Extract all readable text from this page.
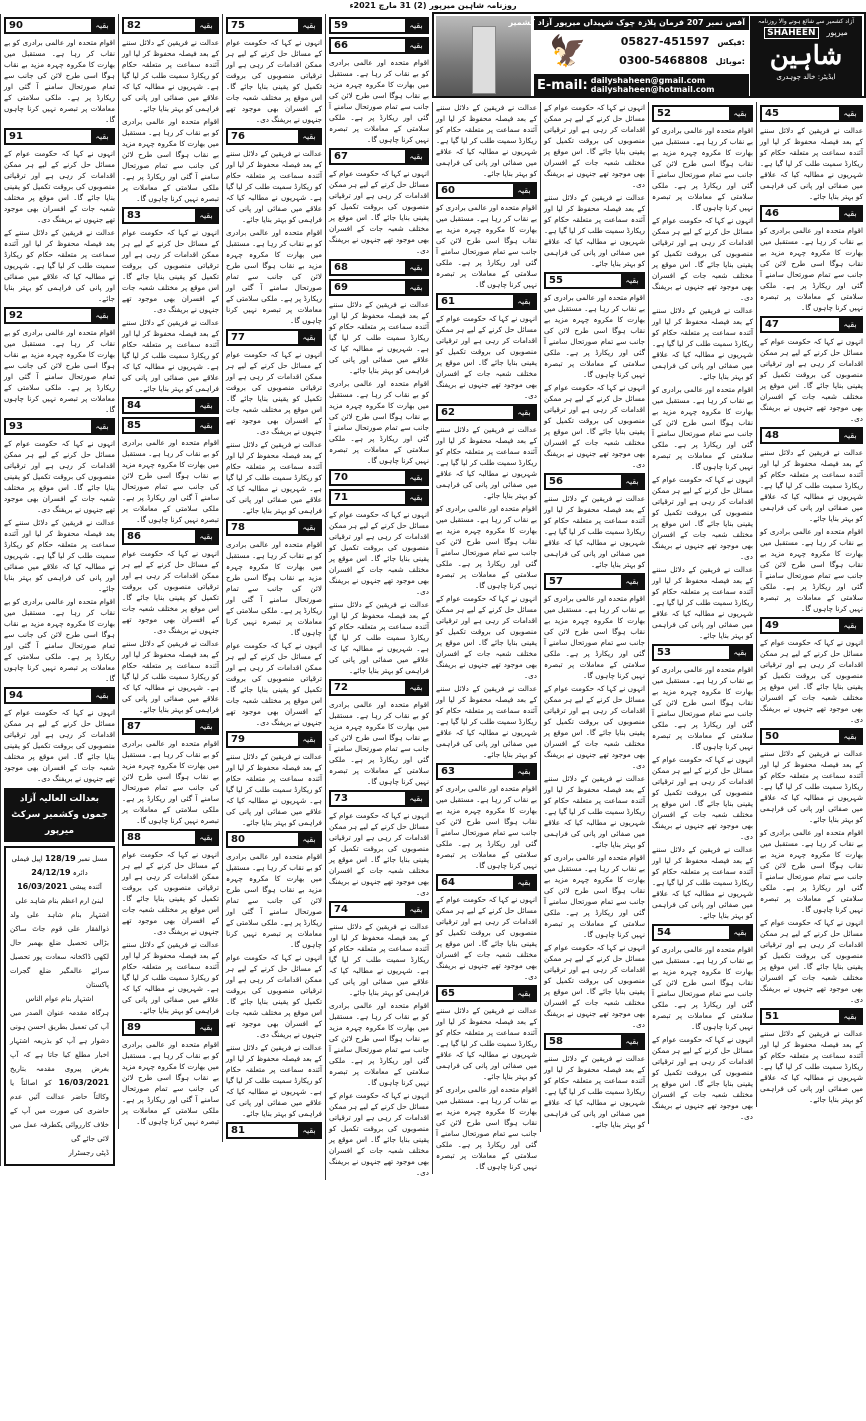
روزنامہ شاہین میرپور (2) 31 مارچ 2021ء
آفس نمبر 207 فرمان پلازہ چوک شہیداں میرپور آزاد کشمیر
🦅	05827-451597 فیکس:
0300-5468808 موبائل:
E-mail: dailyshaheen@gmail.com
dailyshaheen@hotmail.com
آزاد کشمیر سے شائع ہونے والا روزنامہ
SHAHEEN	میرپور
شاہین
ایڈیٹر: خالد چوہدری
90	بقیہ

اقوام متحدہ اور عالمی برادری کو بے نقاب کر رہا ہے۔ مستقبل میں بھارت کا مکروہ چہرہ مزید بے نقاب ہوگا اسی طرح لائن کی جانب سے تمام صورتحال سامنے آ گئی اور ریکارڈ پر ہے۔ ملکی سلامتی کے معاملات پر تبصرہ نہیں کرنا چاہوں گا۔

91	بقیہ

انہوں نے کہا کہ حکومت عوام کے مسائل حل کرنے کے لیے ہر ممکن اقدامات کر رہی ہے اور ترقیاتی منصوبوں کی بروقت تکمیل کو یقینی بنایا جائے گا۔ اس موقع پر مختلف شعبہ جات کے افسران بھی موجود تھے جنہوں نے بریفنگ دی۔

عدالت نے فریقین کے دلائل سننے کے بعد فیصلہ محفوظ کر لیا اور آئندہ سماعت پر متعلقہ حکام کو ریکارڈ سمیت طلب کر لیا گیا ہے۔ شہریوں نے مطالبہ کیا کہ علاقے میں صفائی اور پانی کی فراہمی کو بہتر بنایا جائے۔

92	بقیہ

اقوام متحدہ اور عالمی برادری کو بے نقاب کر رہا ہے۔ مستقبل میں بھارت کا مکروہ چہرہ مزید بے نقاب ہوگا اسی طرح لائن کی جانب سے تمام صورتحال سامنے آ گئی اور ریکارڈ پر ہے۔ ملکی سلامتی کے معاملات پر تبصرہ نہیں کرنا چاہوں گا۔

93	بقیہ

انہوں نے کہا کہ حکومت عوام کے مسائل حل کرنے کے لیے ہر ممکن اقدامات کر رہی ہے اور ترقیاتی منصوبوں کی بروقت تکمیل کو یقینی بنایا جائے گا۔ اس موقع پر مختلف شعبہ جات کے افسران بھی موجود تھے جنہوں نے بریفنگ دی۔

عدالت نے فریقین کے دلائل سننے کے بعد فیصلہ محفوظ کر لیا اور آئندہ سماعت پر متعلقہ حکام کو ریکارڈ سمیت طلب کر لیا گیا ہے۔ شہریوں نے مطالبہ کیا کہ علاقے میں صفائی اور پانی کی فراہمی کو بہتر بنایا جائے۔

اقوام متحدہ اور عالمی برادری کو بے نقاب کر رہا ہے۔ مستقبل میں بھارت کا مکروہ چہرہ مزید بے نقاب ہوگا اسی طرح لائن کی جانب سے تمام صورتحال سامنے آ گئی اور ریکارڈ پر ہے۔ ملکی سلامتی کے معاملات پر تبصرہ نہیں کرنا چاہوں گا۔

94	بقیہ

انہوں نے کہا کہ حکومت عوام کے مسائل حل کرنے کے لیے ہر ممکن اقدامات کر رہی ہے اور ترقیاتی منصوبوں کی بروقت تکمیل کو یقینی بنایا جائے گا۔ اس موقع پر مختلف شعبہ جات کے افسران بھی موجود تھے جنہوں نے بریفنگ دی۔

بعدالت العالیہ آزاد جموں وکشمیر سرکٹ میرپور
مسل نمبر 128/19 اپیل فیملی
دائرہ 24/12/19
آئندہ پیشی 16/03/2021
لبنیٰ ارم اعظم بنام شاہد علی
اشتہار بنام شاہد علی ولد ذوالفقار علی قوم جاٹ ساکن بڑالی تحصیل ضلع بھمبر حال لکھی ڈاکخانہ سعادت پور تحصیل سرائے عالمگیر ضلع گجرات پاکستان
اشتہار بنام عوام الناس
ہرگاہ مقدمہ عنوان الصدر میں آپ کی تعمیل بطریق احسن ہونی دشوار ہے آپ کو بذریعہ اشتہار اخبار مطلع کیا جاتا ہے کہ آپ بغرض پیروی مقدمہ بتاریخ 16/03/2021 کو اصالتاً یا وکالتاً حاضر عدالت آئیں عدم حاضری کی صورت میں آپ کے خلاف کارروائی یکطرفہ عمل میں لائی جائے گی
ڈپٹی رجسٹرار
82	بقیہ

عدالت نے فریقین کے دلائل سننے کے بعد فیصلہ محفوظ کر لیا اور آئندہ سماعت پر متعلقہ حکام کو ریکارڈ سمیت طلب کر لیا گیا ہے۔ شہریوں نے مطالبہ کیا کہ علاقے میں صفائی اور پانی کی فراہمی کو بہتر بنایا جائے۔

اقوام متحدہ اور عالمی برادری کو بے نقاب کر رہا ہے۔ مستقبل میں بھارت کا مکروہ چہرہ مزید بے نقاب ہوگا اسی طرح لائن کی جانب سے تمام صورتحال سامنے آ گئی اور ریکارڈ پر ہے۔ ملکی سلامتی کے معاملات پر تبصرہ نہیں کرنا چاہوں گا۔

83	بقیہ

انہوں نے کہا کہ حکومت عوام کے مسائل حل کرنے کے لیے ہر ممکن اقدامات کر رہی ہے اور ترقیاتی منصوبوں کی بروقت تکمیل کو یقینی بنایا جائے گا۔ اس موقع پر مختلف شعبہ جات کے افسران بھی موجود تھے جنہوں نے بریفنگ دی۔

عدالت نے فریقین کے دلائل سننے کے بعد فیصلہ محفوظ کر لیا اور آئندہ سماعت پر متعلقہ حکام کو ریکارڈ سمیت طلب کر لیا گیا ہے۔ شہریوں نے مطالبہ کیا کہ علاقے میں صفائی اور پانی کی فراہمی کو بہتر بنایا جائے۔

84	بقیہ
85	بقیہ

اقوام متحدہ اور عالمی برادری کو بے نقاب کر رہا ہے۔ مستقبل میں بھارت کا مکروہ چہرہ مزید بے نقاب ہوگا اسی طرح لائن کی جانب سے تمام صورتحال سامنے آ گئی اور ریکارڈ پر ہے۔ ملکی سلامتی کے معاملات پر تبصرہ نہیں کرنا چاہوں گا۔

86	بقیہ

انہوں نے کہا کہ حکومت عوام کے مسائل حل کرنے کے لیے ہر ممکن اقدامات کر رہی ہے اور ترقیاتی منصوبوں کی بروقت تکمیل کو یقینی بنایا جائے گا۔ اس موقع پر مختلف شعبہ جات کے افسران بھی موجود تھے جنہوں نے بریفنگ دی۔

عدالت نے فریقین کے دلائل سننے کے بعد فیصلہ محفوظ کر لیا اور آئندہ سماعت پر متعلقہ حکام کو ریکارڈ سمیت طلب کر لیا گیا ہے۔ شہریوں نے مطالبہ کیا کہ علاقے میں صفائی اور پانی کی فراہمی کو بہتر بنایا جائے۔

87	بقیہ

اقوام متحدہ اور عالمی برادری کو بے نقاب کر رہا ہے۔ مستقبل میں بھارت کا مکروہ چہرہ مزید بے نقاب ہوگا اسی طرح لائن کی جانب سے تمام صورتحال سامنے آ گئی اور ریکارڈ پر ہے۔ ملکی سلامتی کے معاملات پر تبصرہ نہیں کرنا چاہوں گا۔

88	بقیہ

انہوں نے کہا کہ حکومت عوام کے مسائل حل کرنے کے لیے ہر ممکن اقدامات کر رہی ہے اور ترقیاتی منصوبوں کی بروقت تکمیل کو یقینی بنایا جائے گا۔ اس موقع پر مختلف شعبہ جات کے افسران بھی موجود تھے جنہوں نے بریفنگ دی۔

عدالت نے فریقین کے دلائل سننے کے بعد فیصلہ محفوظ کر لیا اور آئندہ سماعت پر متعلقہ حکام کو ریکارڈ سمیت طلب کر لیا گیا ہے۔ شہریوں نے مطالبہ کیا کہ علاقے میں صفائی اور پانی کی فراہمی کو بہتر بنایا جائے۔

89	بقیہ

اقوام متحدہ اور عالمی برادری کو بے نقاب کر رہا ہے۔ مستقبل میں بھارت کا مکروہ چہرہ مزید بے نقاب ہوگا اسی طرح لائن کی جانب سے تمام صورتحال سامنے آ گئی اور ریکارڈ پر ہے۔ ملکی سلامتی کے معاملات پر تبصرہ نہیں کرنا چاہوں گا۔

75	بقیہ

انہوں نے کہا کہ حکومت عوام کے مسائل حل کرنے کے لیے ہر ممکن اقدامات کر رہی ہے اور ترقیاتی منصوبوں کی بروقت تکمیل کو یقینی بنایا جائے گا۔ اس موقع پر مختلف شعبہ جات کے افسران بھی موجود تھے جنہوں نے بریفنگ دی۔

76	بقیہ

عدالت نے فریقین کے دلائل سننے کے بعد فیصلہ محفوظ کر لیا اور آئندہ سماعت پر متعلقہ حکام کو ریکارڈ سمیت طلب کر لیا گیا ہے۔ شہریوں نے مطالبہ کیا کہ علاقے میں صفائی اور پانی کی فراہمی کو بہتر بنایا جائے۔

اقوام متحدہ اور عالمی برادری کو بے نقاب کر رہا ہے۔ مستقبل میں بھارت کا مکروہ چہرہ مزید بے نقاب ہوگا اسی طرح لائن کی جانب سے تمام صورتحال سامنے آ گئی اور ریکارڈ پر ہے۔ ملکی سلامتی کے معاملات پر تبصرہ نہیں کرنا چاہوں گا۔

77	بقیہ

انہوں نے کہا کہ حکومت عوام کے مسائل حل کرنے کے لیے ہر ممکن اقدامات کر رہی ہے اور ترقیاتی منصوبوں کی بروقت تکمیل کو یقینی بنایا جائے گا۔ اس موقع پر مختلف شعبہ جات کے افسران بھی موجود تھے جنہوں نے بریفنگ دی۔

عدالت نے فریقین کے دلائل سننے کے بعد فیصلہ محفوظ کر لیا اور آئندہ سماعت پر متعلقہ حکام کو ریکارڈ سمیت طلب کر لیا گیا ہے۔ شہریوں نے مطالبہ کیا کہ علاقے میں صفائی اور پانی کی فراہمی کو بہتر بنایا جائے۔

78	بقیہ

اقوام متحدہ اور عالمی برادری کو بے نقاب کر رہا ہے۔ مستقبل میں بھارت کا مکروہ چہرہ مزید بے نقاب ہوگا اسی طرح لائن کی جانب سے تمام صورتحال سامنے آ گئی اور ریکارڈ پر ہے۔ ملکی سلامتی کے معاملات پر تبصرہ نہیں کرنا چاہوں گا۔

انہوں نے کہا کہ حکومت عوام کے مسائل حل کرنے کے لیے ہر ممکن اقدامات کر رہی ہے اور ترقیاتی منصوبوں کی بروقت تکمیل کو یقینی بنایا جائے گا۔ اس موقع پر مختلف شعبہ جات کے افسران بھی موجود تھے جنہوں نے بریفنگ دی۔

79	بقیہ

عدالت نے فریقین کے دلائل سننے کے بعد فیصلہ محفوظ کر لیا اور آئندہ سماعت پر متعلقہ حکام کو ریکارڈ سمیت طلب کر لیا گیا ہے۔ شہریوں نے مطالبہ کیا کہ علاقے میں صفائی اور پانی کی فراہمی کو بہتر بنایا جائے۔

80	بقیہ

اقوام متحدہ اور عالمی برادری کو بے نقاب کر رہا ہے۔ مستقبل میں بھارت کا مکروہ چہرہ مزید بے نقاب ہوگا اسی طرح لائن کی جانب سے تمام صورتحال سامنے آ گئی اور ریکارڈ پر ہے۔ ملکی سلامتی کے معاملات پر تبصرہ نہیں کرنا چاہوں گا۔

انہوں نے کہا کہ حکومت عوام کے مسائل حل کرنے کے لیے ہر ممکن اقدامات کر رہی ہے اور ترقیاتی منصوبوں کی بروقت تکمیل کو یقینی بنایا جائے گا۔ اس موقع پر مختلف شعبہ جات کے افسران بھی موجود تھے جنہوں نے بریفنگ دی۔

عدالت نے فریقین کے دلائل سننے کے بعد فیصلہ محفوظ کر لیا اور آئندہ سماعت پر متعلقہ حکام کو ریکارڈ سمیت طلب کر لیا گیا ہے۔ شہریوں نے مطالبہ کیا کہ علاقے میں صفائی اور پانی کی فراہمی کو بہتر بنایا جائے۔

81	بقیہ
59	بقیہ
66	بقیہ

اقوام متحدہ اور عالمی برادری کو بے نقاب کر رہا ہے۔ مستقبل میں بھارت کا مکروہ چہرہ مزید بے نقاب ہوگا اسی طرح لائن کی جانب سے تمام صورتحال سامنے آ گئی اور ریکارڈ پر ہے۔ ملکی سلامتی کے معاملات پر تبصرہ نہیں کرنا چاہوں گا۔

67	بقیہ

انہوں نے کہا کہ حکومت عوام کے مسائل حل کرنے کے لیے ہر ممکن اقدامات کر رہی ہے اور ترقیاتی منصوبوں کی بروقت تکمیل کو یقینی بنایا جائے گا۔ اس موقع پر مختلف شعبہ جات کے افسران بھی موجود تھے جنہوں نے بریفنگ دی۔

68	بقیہ
69	بقیہ

عدالت نے فریقین کے دلائل سننے کے بعد فیصلہ محفوظ کر لیا اور آئندہ سماعت پر متعلقہ حکام کو ریکارڈ سمیت طلب کر لیا گیا ہے۔ شہریوں نے مطالبہ کیا کہ علاقے میں صفائی اور پانی کی فراہمی کو بہتر بنایا جائے۔

اقوام متحدہ اور عالمی برادری کو بے نقاب کر رہا ہے۔ مستقبل میں بھارت کا مکروہ چہرہ مزید بے نقاب ہوگا اسی طرح لائن کی جانب سے تمام صورتحال سامنے آ گئی اور ریکارڈ پر ہے۔ ملکی سلامتی کے معاملات پر تبصرہ نہیں کرنا چاہوں گا۔

70	بقیہ
71	بقیہ

انہوں نے کہا کہ حکومت عوام کے مسائل حل کرنے کے لیے ہر ممکن اقدامات کر رہی ہے اور ترقیاتی منصوبوں کی بروقت تکمیل کو یقینی بنایا جائے گا۔ اس موقع پر مختلف شعبہ جات کے افسران بھی موجود تھے جنہوں نے بریفنگ دی۔

عدالت نے فریقین کے دلائل سننے کے بعد فیصلہ محفوظ کر لیا اور آئندہ سماعت پر متعلقہ حکام کو ریکارڈ سمیت طلب کر لیا گیا ہے۔ شہریوں نے مطالبہ کیا کہ علاقے میں صفائی اور پانی کی فراہمی کو بہتر بنایا جائے۔

72	بقیہ

اقوام متحدہ اور عالمی برادری کو بے نقاب کر رہا ہے۔ مستقبل میں بھارت کا مکروہ چہرہ مزید بے نقاب ہوگا اسی طرح لائن کی جانب سے تمام صورتحال سامنے آ گئی اور ریکارڈ پر ہے۔ ملکی سلامتی کے معاملات پر تبصرہ نہیں کرنا چاہوں گا۔

73	بقیہ

انہوں نے کہا کہ حکومت عوام کے مسائل حل کرنے کے لیے ہر ممکن اقدامات کر رہی ہے اور ترقیاتی منصوبوں کی بروقت تکمیل کو یقینی بنایا جائے گا۔ اس موقع پر مختلف شعبہ جات کے افسران بھی موجود تھے جنہوں نے بریفنگ دی۔

74	بقیہ

عدالت نے فریقین کے دلائل سننے کے بعد فیصلہ محفوظ کر لیا اور آئندہ سماعت پر متعلقہ حکام کو ریکارڈ سمیت طلب کر لیا گیا ہے۔ شہریوں نے مطالبہ کیا کہ علاقے میں صفائی اور پانی کی فراہمی کو بہتر بنایا جائے۔

اقوام متحدہ اور عالمی برادری کو بے نقاب کر رہا ہے۔ مستقبل میں بھارت کا مکروہ چہرہ مزید بے نقاب ہوگا اسی طرح لائن کی جانب سے تمام صورتحال سامنے آ گئی اور ریکارڈ پر ہے۔ ملکی سلامتی کے معاملات پر تبصرہ نہیں کرنا چاہوں گا۔

انہوں نے کہا کہ حکومت عوام کے مسائل حل کرنے کے لیے ہر ممکن اقدامات کر رہی ہے اور ترقیاتی منصوبوں کی بروقت تکمیل کو یقینی بنایا جائے گا۔ اس موقع پر مختلف شعبہ جات کے افسران بھی موجود تھے جنہوں نے بریفنگ دی۔

عدالت نے فریقین کے دلائل سننے کے بعد فیصلہ محفوظ کر لیا اور آئندہ سماعت پر متعلقہ حکام کو ریکارڈ سمیت طلب کر لیا گیا ہے۔ شہریوں نے مطالبہ کیا کہ علاقے میں صفائی اور پانی کی فراہمی کو بہتر بنایا جائے۔

60	بقیہ

اقوام متحدہ اور عالمی برادری کو بے نقاب کر رہا ہے۔ مستقبل میں بھارت کا مکروہ چہرہ مزید بے نقاب ہوگا اسی طرح لائن کی جانب سے تمام صورتحال سامنے آ گئی اور ریکارڈ پر ہے۔ ملکی سلامتی کے معاملات پر تبصرہ نہیں کرنا چاہوں گا۔

61	بقیہ

انہوں نے کہا کہ حکومت عوام کے مسائل حل کرنے کے لیے ہر ممکن اقدامات کر رہی ہے اور ترقیاتی منصوبوں کی بروقت تکمیل کو یقینی بنایا جائے گا۔ اس موقع پر مختلف شعبہ جات کے افسران بھی موجود تھے جنہوں نے بریفنگ دی۔

62	بقیہ

عدالت نے فریقین کے دلائل سننے کے بعد فیصلہ محفوظ کر لیا اور آئندہ سماعت پر متعلقہ حکام کو ریکارڈ سمیت طلب کر لیا گیا ہے۔ شہریوں نے مطالبہ کیا کہ علاقے میں صفائی اور پانی کی فراہمی کو بہتر بنایا جائے۔

اقوام متحدہ اور عالمی برادری کو بے نقاب کر رہا ہے۔ مستقبل میں بھارت کا مکروہ چہرہ مزید بے نقاب ہوگا اسی طرح لائن کی جانب سے تمام صورتحال سامنے آ گئی اور ریکارڈ پر ہے۔ ملکی سلامتی کے معاملات پر تبصرہ نہیں کرنا چاہوں گا۔

انہوں نے کہا کہ حکومت عوام کے مسائل حل کرنے کے لیے ہر ممکن اقدامات کر رہی ہے اور ترقیاتی منصوبوں کی بروقت تکمیل کو یقینی بنایا جائے گا۔ اس موقع پر مختلف شعبہ جات کے افسران بھی موجود تھے جنہوں نے بریفنگ دی۔

عدالت نے فریقین کے دلائل سننے کے بعد فیصلہ محفوظ کر لیا اور آئندہ سماعت پر متعلقہ حکام کو ریکارڈ سمیت طلب کر لیا گیا ہے۔ شہریوں نے مطالبہ کیا کہ علاقے میں صفائی اور پانی کی فراہمی کو بہتر بنایا جائے۔

63	بقیہ

اقوام متحدہ اور عالمی برادری کو بے نقاب کر رہا ہے۔ مستقبل میں بھارت کا مکروہ چہرہ مزید بے نقاب ہوگا اسی طرح لائن کی جانب سے تمام صورتحال سامنے آ گئی اور ریکارڈ پر ہے۔ ملکی سلامتی کے معاملات پر تبصرہ نہیں کرنا چاہوں گا۔

64	بقیہ

انہوں نے کہا کہ حکومت عوام کے مسائل حل کرنے کے لیے ہر ممکن اقدامات کر رہی ہے اور ترقیاتی منصوبوں کی بروقت تکمیل کو یقینی بنایا جائے گا۔ اس موقع پر مختلف شعبہ جات کے افسران بھی موجود تھے جنہوں نے بریفنگ دی۔

65	بقیہ

عدالت نے فریقین کے دلائل سننے کے بعد فیصلہ محفوظ کر لیا اور آئندہ سماعت پر متعلقہ حکام کو ریکارڈ سمیت طلب کر لیا گیا ہے۔ شہریوں نے مطالبہ کیا کہ علاقے میں صفائی اور پانی کی فراہمی کو بہتر بنایا جائے۔

اقوام متحدہ اور عالمی برادری کو بے نقاب کر رہا ہے۔ مستقبل میں بھارت کا مکروہ چہرہ مزید بے نقاب ہوگا اسی طرح لائن کی جانب سے تمام صورتحال سامنے آ گئی اور ریکارڈ پر ہے۔ ملکی سلامتی کے معاملات پر تبصرہ نہیں کرنا چاہوں گا۔

انہوں نے کہا کہ حکومت عوام کے مسائل حل کرنے کے لیے ہر ممکن اقدامات کر رہی ہے اور ترقیاتی منصوبوں کی بروقت تکمیل کو یقینی بنایا جائے گا۔ اس موقع پر مختلف شعبہ جات کے افسران بھی موجود تھے جنہوں نے بریفنگ دی۔

عدالت نے فریقین کے دلائل سننے کے بعد فیصلہ محفوظ کر لیا اور آئندہ سماعت پر متعلقہ حکام کو ریکارڈ سمیت طلب کر لیا گیا ہے۔ شہریوں نے مطالبہ کیا کہ علاقے میں صفائی اور پانی کی فراہمی کو بہتر بنایا جائے۔

55	بقیہ

اقوام متحدہ اور عالمی برادری کو بے نقاب کر رہا ہے۔ مستقبل میں بھارت کا مکروہ چہرہ مزید بے نقاب ہوگا اسی طرح لائن کی جانب سے تمام صورتحال سامنے آ گئی اور ریکارڈ پر ہے۔ ملکی سلامتی کے معاملات پر تبصرہ نہیں کرنا چاہوں گا۔

انہوں نے کہا کہ حکومت عوام کے مسائل حل کرنے کے لیے ہر ممکن اقدامات کر رہی ہے اور ترقیاتی منصوبوں کی بروقت تکمیل کو یقینی بنایا جائے گا۔ اس موقع پر مختلف شعبہ جات کے افسران بھی موجود تھے جنہوں نے بریفنگ دی۔

56	بقیہ

عدالت نے فریقین کے دلائل سننے کے بعد فیصلہ محفوظ کر لیا اور آئندہ سماعت پر متعلقہ حکام کو ریکارڈ سمیت طلب کر لیا گیا ہے۔ شہریوں نے مطالبہ کیا کہ علاقے میں صفائی اور پانی کی فراہمی کو بہتر بنایا جائے۔

57	بقیہ

اقوام متحدہ اور عالمی برادری کو بے نقاب کر رہا ہے۔ مستقبل میں بھارت کا مکروہ چہرہ مزید بے نقاب ہوگا اسی طرح لائن کی جانب سے تمام صورتحال سامنے آ گئی اور ریکارڈ پر ہے۔ ملکی سلامتی کے معاملات پر تبصرہ نہیں کرنا چاہوں گا۔

انہوں نے کہا کہ حکومت عوام کے مسائل حل کرنے کے لیے ہر ممکن اقدامات کر رہی ہے اور ترقیاتی منصوبوں کی بروقت تکمیل کو یقینی بنایا جائے گا۔ اس موقع پر مختلف شعبہ جات کے افسران بھی موجود تھے جنہوں نے بریفنگ دی۔

عدالت نے فریقین کے دلائل سننے کے بعد فیصلہ محفوظ کر لیا اور آئندہ سماعت پر متعلقہ حکام کو ریکارڈ سمیت طلب کر لیا گیا ہے۔ شہریوں نے مطالبہ کیا کہ علاقے میں صفائی اور پانی کی فراہمی کو بہتر بنایا جائے۔

اقوام متحدہ اور عالمی برادری کو بے نقاب کر رہا ہے۔ مستقبل میں بھارت کا مکروہ چہرہ مزید بے نقاب ہوگا اسی طرح لائن کی جانب سے تمام صورتحال سامنے آ گئی اور ریکارڈ پر ہے۔ ملکی سلامتی کے معاملات پر تبصرہ نہیں کرنا چاہوں گا۔

انہوں نے کہا کہ حکومت عوام کے مسائل حل کرنے کے لیے ہر ممکن اقدامات کر رہی ہے اور ترقیاتی منصوبوں کی بروقت تکمیل کو یقینی بنایا جائے گا۔ اس موقع پر مختلف شعبہ جات کے افسران بھی موجود تھے جنہوں نے بریفنگ دی۔

58	بقیہ

عدالت نے فریقین کے دلائل سننے کے بعد فیصلہ محفوظ کر لیا اور آئندہ سماعت پر متعلقہ حکام کو ریکارڈ سمیت طلب کر لیا گیا ہے۔ شہریوں نے مطالبہ کیا کہ علاقے میں صفائی اور پانی کی فراہمی کو بہتر بنایا جائے۔

52	بقیہ

اقوام متحدہ اور عالمی برادری کو بے نقاب کر رہا ہے۔ مستقبل میں بھارت کا مکروہ چہرہ مزید بے نقاب ہوگا اسی طرح لائن کی جانب سے تمام صورتحال سامنے آ گئی اور ریکارڈ پر ہے۔ ملکی سلامتی کے معاملات پر تبصرہ نہیں کرنا چاہوں گا۔

انہوں نے کہا کہ حکومت عوام کے مسائل حل کرنے کے لیے ہر ممکن اقدامات کر رہی ہے اور ترقیاتی منصوبوں کی بروقت تکمیل کو یقینی بنایا جائے گا۔ اس موقع پر مختلف شعبہ جات کے افسران بھی موجود تھے جنہوں نے بریفنگ دی۔

عدالت نے فریقین کے دلائل سننے کے بعد فیصلہ محفوظ کر لیا اور آئندہ سماعت پر متعلقہ حکام کو ریکارڈ سمیت طلب کر لیا گیا ہے۔ شہریوں نے مطالبہ کیا کہ علاقے میں صفائی اور پانی کی فراہمی کو بہتر بنایا جائے۔

اقوام متحدہ اور عالمی برادری کو بے نقاب کر رہا ہے۔ مستقبل میں بھارت کا مکروہ چہرہ مزید بے نقاب ہوگا اسی طرح لائن کی جانب سے تمام صورتحال سامنے آ گئی اور ریکارڈ پر ہے۔ ملکی سلامتی کے معاملات پر تبصرہ نہیں کرنا چاہوں گا۔

انہوں نے کہا کہ حکومت عوام کے مسائل حل کرنے کے لیے ہر ممکن اقدامات کر رہی ہے اور ترقیاتی منصوبوں کی بروقت تکمیل کو یقینی بنایا جائے گا۔ اس موقع پر مختلف شعبہ جات کے افسران بھی موجود تھے جنہوں نے بریفنگ دی۔

عدالت نے فریقین کے دلائل سننے کے بعد فیصلہ محفوظ کر لیا اور آئندہ سماعت پر متعلقہ حکام کو ریکارڈ سمیت طلب کر لیا گیا ہے۔ شہریوں نے مطالبہ کیا کہ علاقے میں صفائی اور پانی کی فراہمی کو بہتر بنایا جائے۔

53	بقیہ

اقوام متحدہ اور عالمی برادری کو بے نقاب کر رہا ہے۔ مستقبل میں بھارت کا مکروہ چہرہ مزید بے نقاب ہوگا اسی طرح لائن کی جانب سے تمام صورتحال سامنے آ گئی اور ریکارڈ پر ہے۔ ملکی سلامتی کے معاملات پر تبصرہ نہیں کرنا چاہوں گا۔

انہوں نے کہا کہ حکومت عوام کے مسائل حل کرنے کے لیے ہر ممکن اقدامات کر رہی ہے اور ترقیاتی منصوبوں کی بروقت تکمیل کو یقینی بنایا جائے گا۔ اس موقع پر مختلف شعبہ جات کے افسران بھی موجود تھے جنہوں نے بریفنگ دی۔

عدالت نے فریقین کے دلائل سننے کے بعد فیصلہ محفوظ کر لیا اور آئندہ سماعت پر متعلقہ حکام کو ریکارڈ سمیت طلب کر لیا گیا ہے۔ شہریوں نے مطالبہ کیا کہ علاقے میں صفائی اور پانی کی فراہمی کو بہتر بنایا جائے۔

54	بقیہ

اقوام متحدہ اور عالمی برادری کو بے نقاب کر رہا ہے۔ مستقبل میں بھارت کا مکروہ چہرہ مزید بے نقاب ہوگا اسی طرح لائن کی جانب سے تمام صورتحال سامنے آ گئی اور ریکارڈ پر ہے۔ ملکی سلامتی کے معاملات پر تبصرہ نہیں کرنا چاہوں گا۔

انہوں نے کہا کہ حکومت عوام کے مسائل حل کرنے کے لیے ہر ممکن اقدامات کر رہی ہے اور ترقیاتی منصوبوں کی بروقت تکمیل کو یقینی بنایا جائے گا۔ اس موقع پر مختلف شعبہ جات کے افسران بھی موجود تھے جنہوں نے بریفنگ دی۔

45	بقیہ

عدالت نے فریقین کے دلائل سننے کے بعد فیصلہ محفوظ کر لیا اور آئندہ سماعت پر متعلقہ حکام کو ریکارڈ سمیت طلب کر لیا گیا ہے۔ شہریوں نے مطالبہ کیا کہ علاقے میں صفائی اور پانی کی فراہمی کو بہتر بنایا جائے۔

46	بقیہ

اقوام متحدہ اور عالمی برادری کو بے نقاب کر رہا ہے۔ مستقبل میں بھارت کا مکروہ چہرہ مزید بے نقاب ہوگا اسی طرح لائن کی جانب سے تمام صورتحال سامنے آ گئی اور ریکارڈ پر ہے۔ ملکی سلامتی کے معاملات پر تبصرہ نہیں کرنا چاہوں گا۔

47	بقیہ

انہوں نے کہا کہ حکومت عوام کے مسائل حل کرنے کے لیے ہر ممکن اقدامات کر رہی ہے اور ترقیاتی منصوبوں کی بروقت تکمیل کو یقینی بنایا جائے گا۔ اس موقع پر مختلف شعبہ جات کے افسران بھی موجود تھے جنہوں نے بریفنگ دی۔

48	بقیہ

عدالت نے فریقین کے دلائل سننے کے بعد فیصلہ محفوظ کر لیا اور آئندہ سماعت پر متعلقہ حکام کو ریکارڈ سمیت طلب کر لیا گیا ہے۔ شہریوں نے مطالبہ کیا کہ علاقے میں صفائی اور پانی کی فراہمی کو بہتر بنایا جائے۔

اقوام متحدہ اور عالمی برادری کو بے نقاب کر رہا ہے۔ مستقبل میں بھارت کا مکروہ چہرہ مزید بے نقاب ہوگا اسی طرح لائن کی جانب سے تمام صورتحال سامنے آ گئی اور ریکارڈ پر ہے۔ ملکی سلامتی کے معاملات پر تبصرہ نہیں کرنا چاہوں گا۔

49	بقیہ

انہوں نے کہا کہ حکومت عوام کے مسائل حل کرنے کے لیے ہر ممکن اقدامات کر رہی ہے اور ترقیاتی منصوبوں کی بروقت تکمیل کو یقینی بنایا جائے گا۔ اس موقع پر مختلف شعبہ جات کے افسران بھی موجود تھے جنہوں نے بریفنگ دی۔

50	بقیہ

عدالت نے فریقین کے دلائل سننے کے بعد فیصلہ محفوظ کر لیا اور آئندہ سماعت پر متعلقہ حکام کو ریکارڈ سمیت طلب کر لیا گیا ہے۔ شہریوں نے مطالبہ کیا کہ علاقے میں صفائی اور پانی کی فراہمی کو بہتر بنایا جائے۔

اقوام متحدہ اور عالمی برادری کو بے نقاب کر رہا ہے۔ مستقبل میں بھارت کا مکروہ چہرہ مزید بے نقاب ہوگا اسی طرح لائن کی جانب سے تمام صورتحال سامنے آ گئی اور ریکارڈ پر ہے۔ ملکی سلامتی کے معاملات پر تبصرہ نہیں کرنا چاہوں گا۔

انہوں نے کہا کہ حکومت عوام کے مسائل حل کرنے کے لیے ہر ممکن اقدامات کر رہی ہے اور ترقیاتی منصوبوں کی بروقت تکمیل کو یقینی بنایا جائے گا۔ اس موقع پر مختلف شعبہ جات کے افسران بھی موجود تھے جنہوں نے بریفنگ دی۔

51	بقیہ

عدالت نے فریقین کے دلائل سننے کے بعد فیصلہ محفوظ کر لیا اور آئندہ سماعت پر متعلقہ حکام کو ریکارڈ سمیت طلب کر لیا گیا ہے۔ شہریوں نے مطالبہ کیا کہ علاقے میں صفائی اور پانی کی فراہمی کو بہتر بنایا جائے۔
